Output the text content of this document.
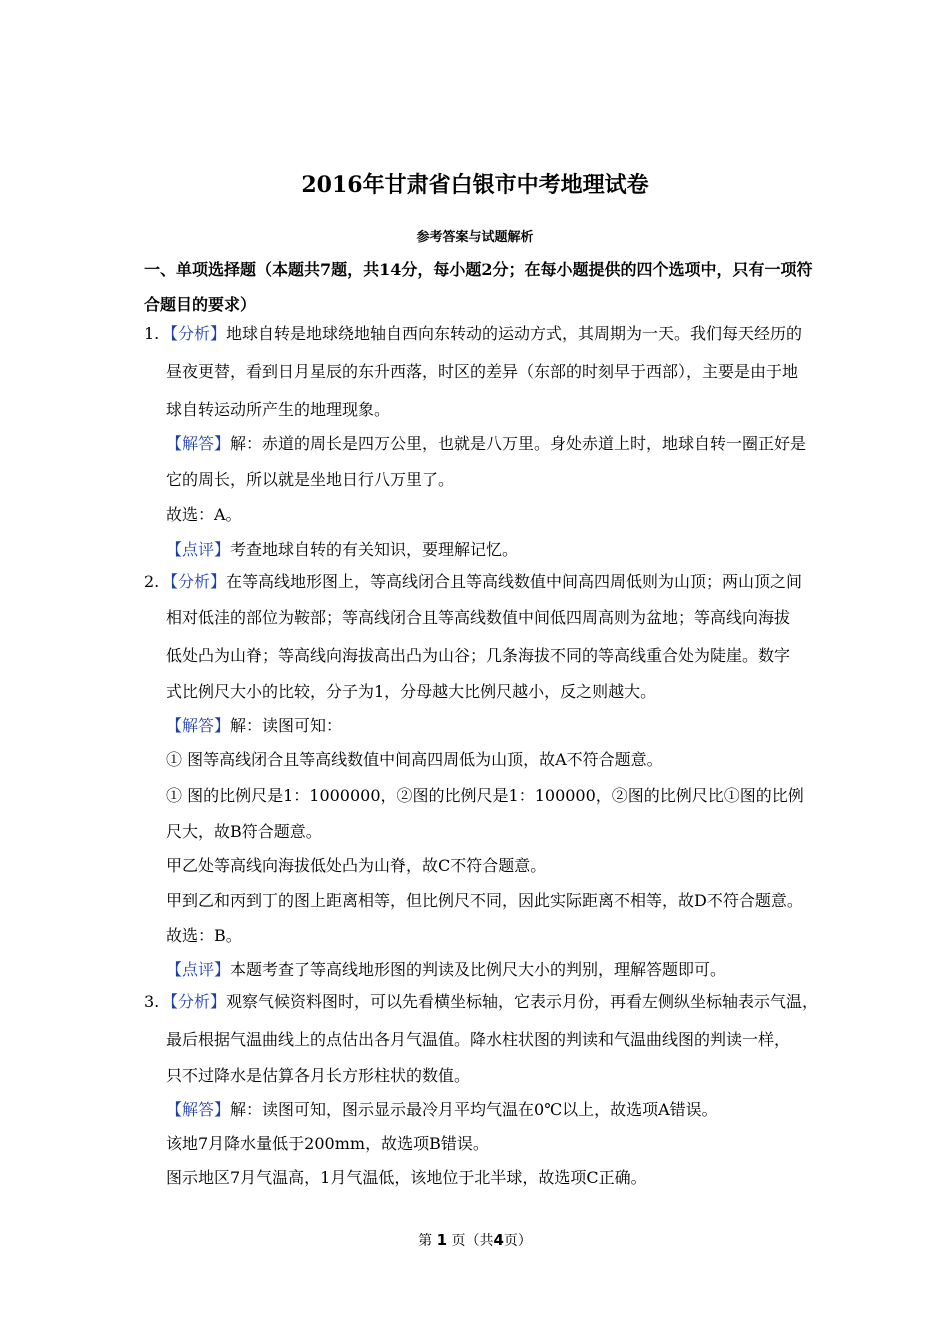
2016年甘肃省白银市中考地理试卷
参考答案与试题解析
一、单项选择题（本题共7题，共14分，每小题2分；在每小题提供的四个选项中，只有一项符合题目的要求）
1. 【分析】地球自转是地球绕地轴自西向东转动的运动方式，其周期为一天。我们每天经历的
昼夜更替，看到日月星辰的东升西落，时区的差异（东部的时刻早于西部），主要是由于地
球自转运动所产生的地理现象。
【解答】解：赤道的周长是四万公里，也就是八万里。身处赤道上时，地球自转一圈正好是
它的周长，所以就是坐地日行八万里了。
故选：A。
【点评】考查地球自转的有关知识，要理解记忆。
2. 【分析】在等高线地形图上，等高线闭合且等高线数值中间高四周低则为山顶；两山顶之间
相对低洼的部位为鞍部；等高线闭合且等高线数值中间低四周高则为盆地；等高线向海拔
低处凸为山脊；等高线向海拔高出凸为山谷；几条海拔不同的等高线重合处为陡崖。数字
式比例尺大小的比较，分子为1，分母越大比例尺越小，反之则越大。
【解答】解：读图可知：
① 图等高线闭合且等高线数值中间高四周低为山顶，故A不符合题意。
① 图的比例尺是1：1000000，②图的比例尺是1：100000，②图的比例尺比①图的比例
尺大，故B符合题意。
甲乙处等高线向海拔低处凸为山脊，故C不符合题意。
甲到乙和丙到丁的图上距离相等，但比例尺不同，因此实际距离不相等，故D不符合题意。
故选：B。
【点评】本题考查了等高线地形图的判读及比例尺大小的判别，理解答题即可。
3. 【分析】观察气候资料图时，可以先看横坐标轴，它表示月份，再看左侧纵坐标轴表示气温，
最后根据气温曲线上的点估出各月气温值。降水柱状图的判读和气温曲线图的判读一样，
只不过降水是估算各月长方形柱状的数值。
【解答】解：读图可知，图示显示最冷月平均气温在0℃以上，故选项A错误。
该地7月降水量低于200mm，故选项B错误。
图示地区7月气温高，1月气温低，该地位于北半球，故选项C正确。
第 1 页（共4页）
